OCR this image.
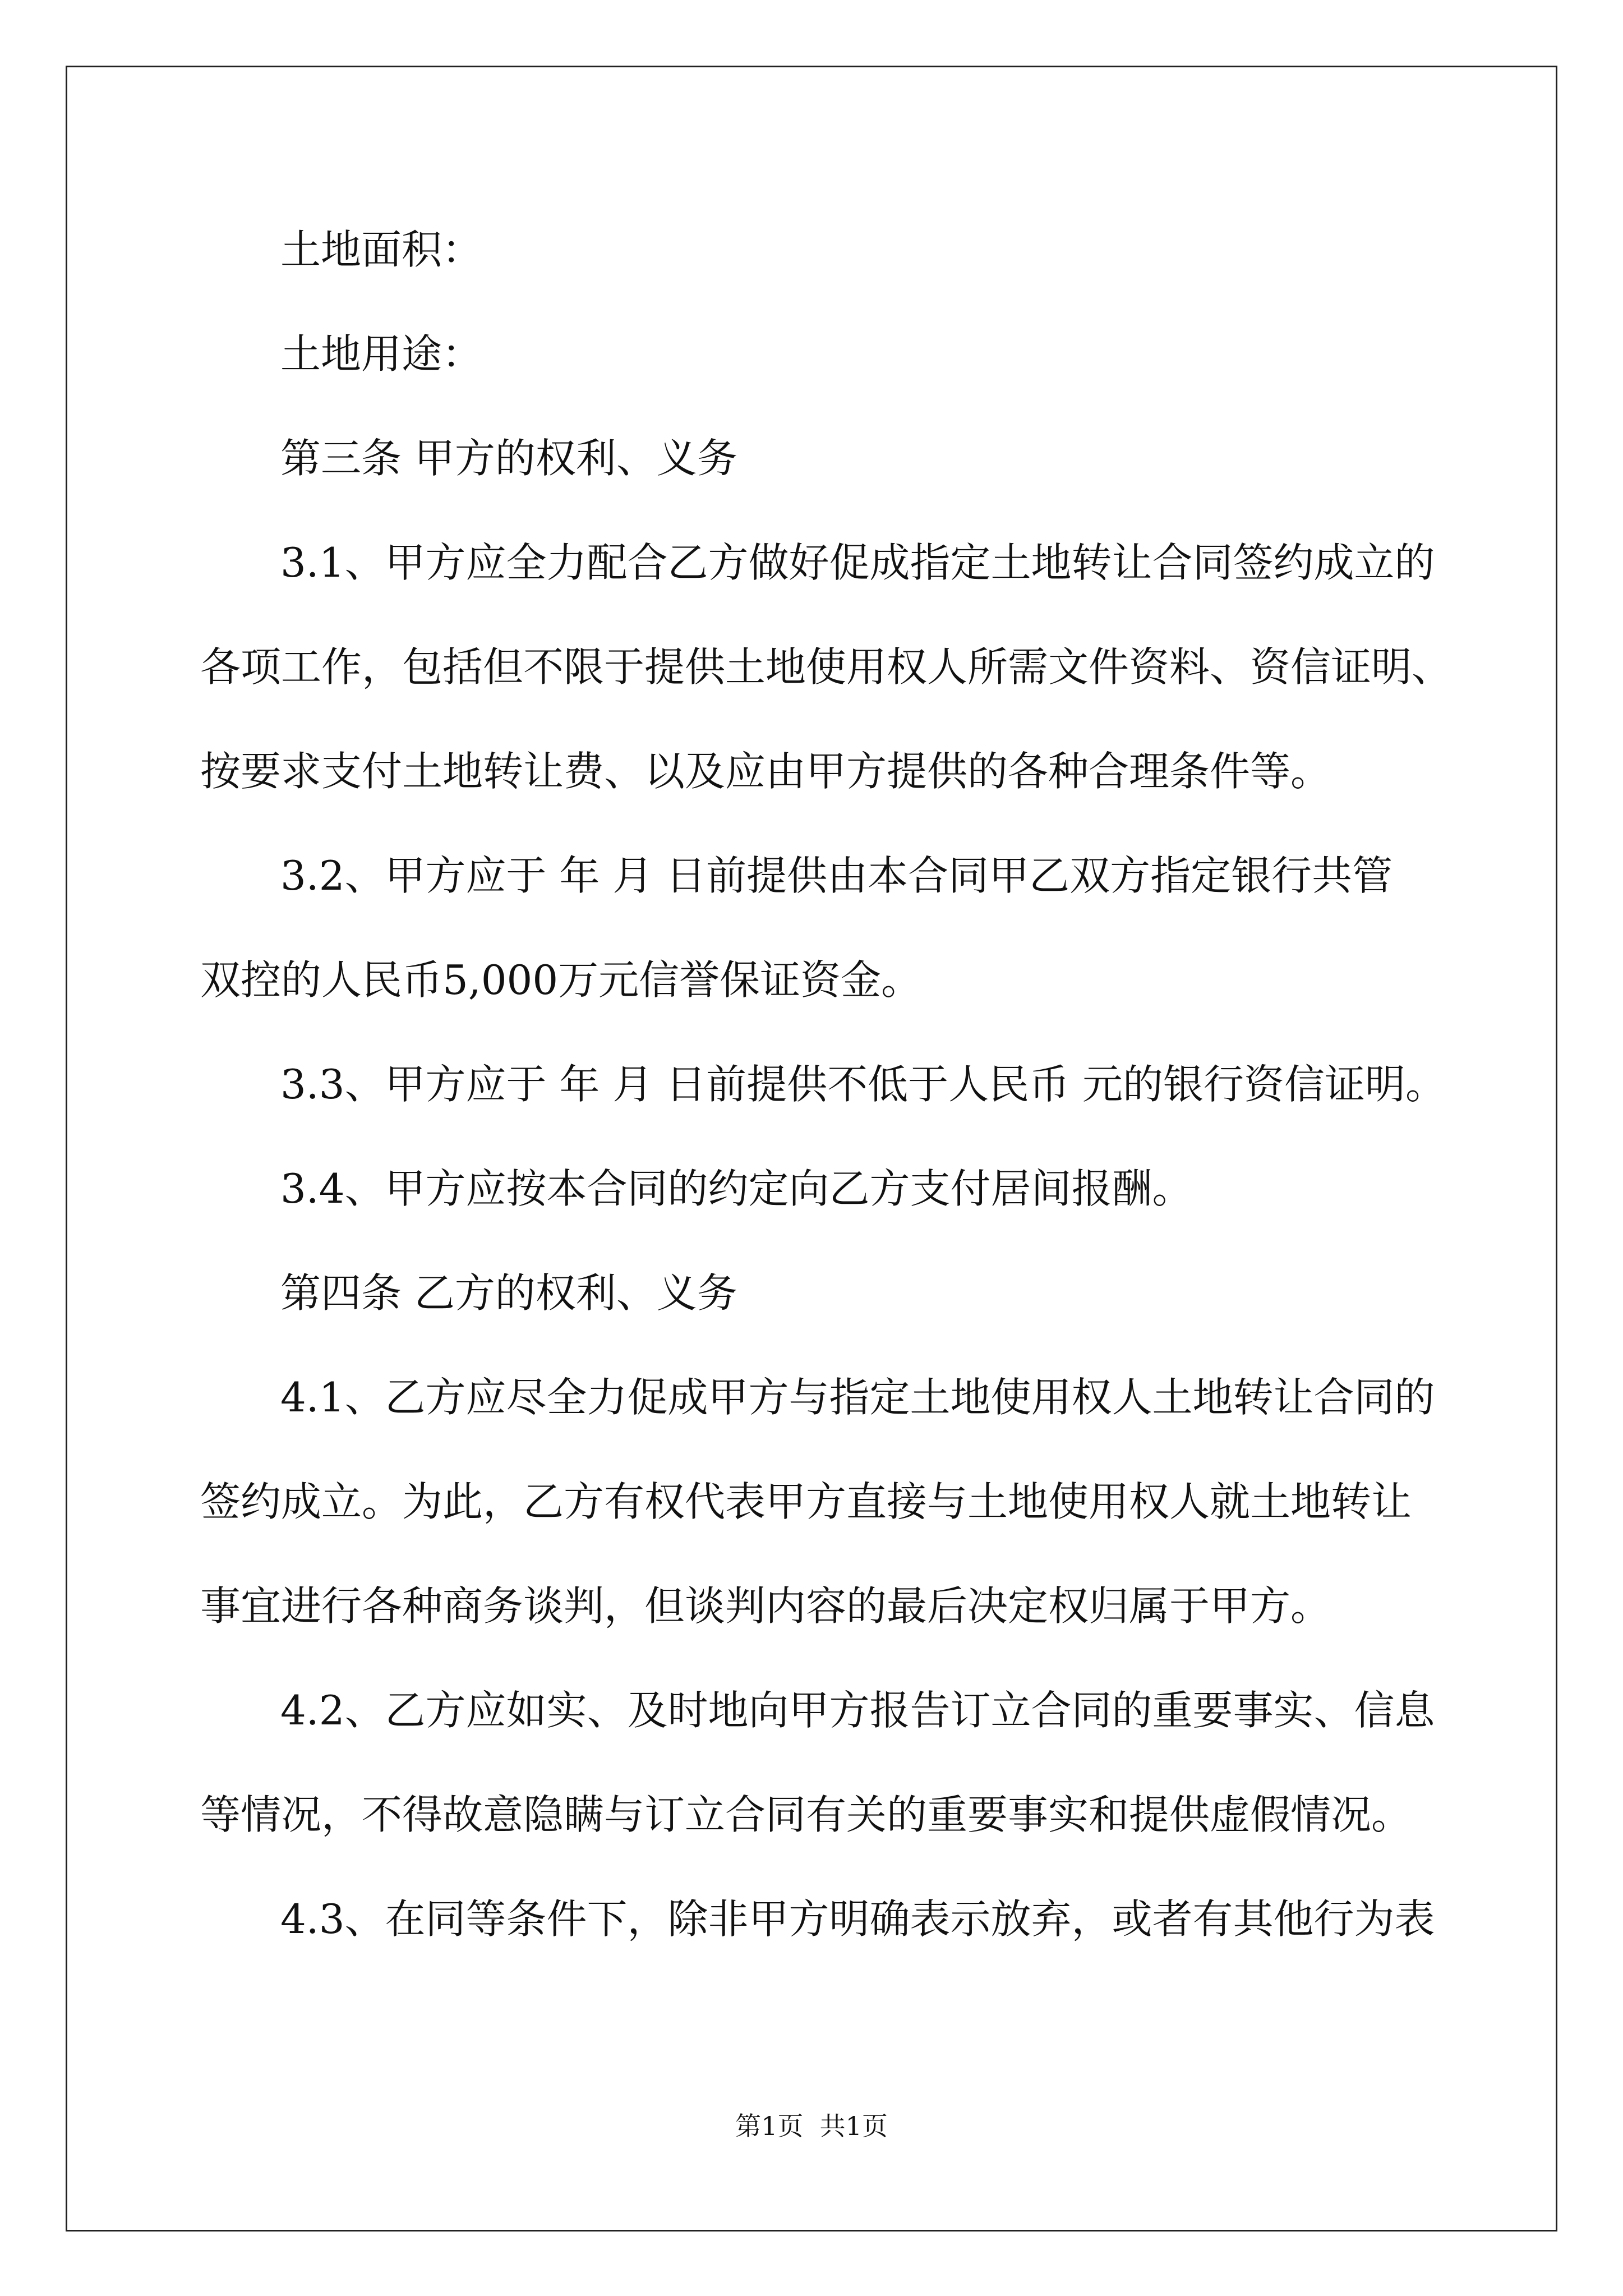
土地面积：
土地用途：
第三条 甲方的权利、义务
3.1、甲方应全力配合乙方做好促成指定土地转让合同签约成立的
各项工作，包括但不限于提供土地使用权人所需文件资料、资信证明、
按要求支付土地转让费、以及应由甲方提供的各种合理条件等。
3.2、甲方应于 年 月 日前提供由本合同甲乙双方指定银行共管
双控的人民币5,000万元信誉保证资金。
3.3、甲方应于 年 月 日前提供不低于人民币 元的银行资信证明。
3.4、甲方应按本合同的约定向乙方支付居间报酬。
第四条 乙方的权利、义务
4.1、乙方应尽全力促成甲方与指定土地使用权人土地转让合同的
签约成立。为此，乙方有权代表甲方直接与土地使用权人就土地转让
事宜进行各种商务谈判，但谈判内容的最后决定权归属于甲方。
4.2、乙方应如实、及时地向甲方报告订立合同的重要事实、信息
等情况，不得故意隐瞒与订立合同有关的重要事实和提供虚假情况。
4.3、在同等条件下，除非甲方明确表示放弃，或者有其他行为表
第1页  共1页
